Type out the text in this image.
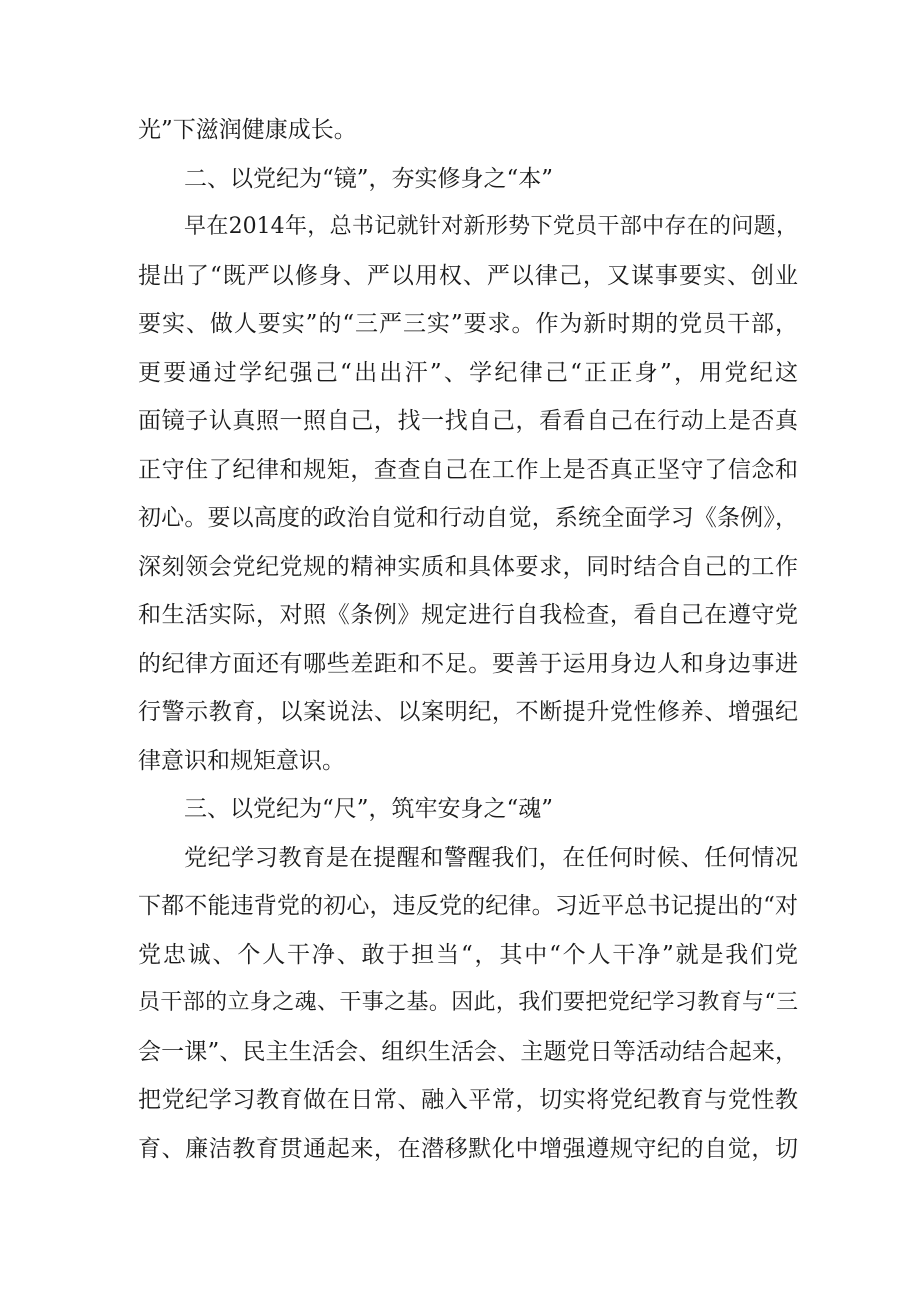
光”下滋润健康成长。
二、以党纪为“镜”，夯实修身之“本”
早在2014年，总书记就针对新形势下党员干部中存在的问题，
提出了“既严以修身、严以用权、严以律己，又谋事要实、创业
要实、做人要实”的“三严三实”要求。作为新时期的党员干部，
更要通过学纪强己“出出汗”、学纪律己“正正身”，用党纪这
面镜子认真照一照自己，找一找自己，看看自己在行动上是否真
正守住了纪律和规矩，查查自己在工作上是否真正坚守了信念和
初心。要以高度的政治自觉和行动自觉，系统全面学习《条例》，
深刻领会党纪党规的精神实质和具体要求，同时结合自己的工作
和生活实际，对照《条例》规定进行自我检查，看自己在遵守党
的纪律方面还有哪些差距和不足。要善于运用身边人和身边事进
行警示教育，以案说法、以案明纪，不断提升党性修养、增强纪
律意识和规矩意识。
三、以党纪为“尺”，筑牢安身之“魂”
党纪学习教育是在提醒和警醒我们，在任何时候、任何情况
下都不能违背党的初心，违反党的纪律。习近平总书记提出的“对
党忠诚、个人干净、敢于担当“，其中“个人干净”就是我们党
员干部的立身之魂、干事之基。因此，我们要把党纪学习教育与“三
会一课”、民主生活会、组织生活会、主题党日等活动结合起来，
把党纪学习教育做在日常、融入平常，切实将党纪教育与党性教
育、廉洁教育贯通起来，在潜移默化中增强遵规守纪的自觉，切
